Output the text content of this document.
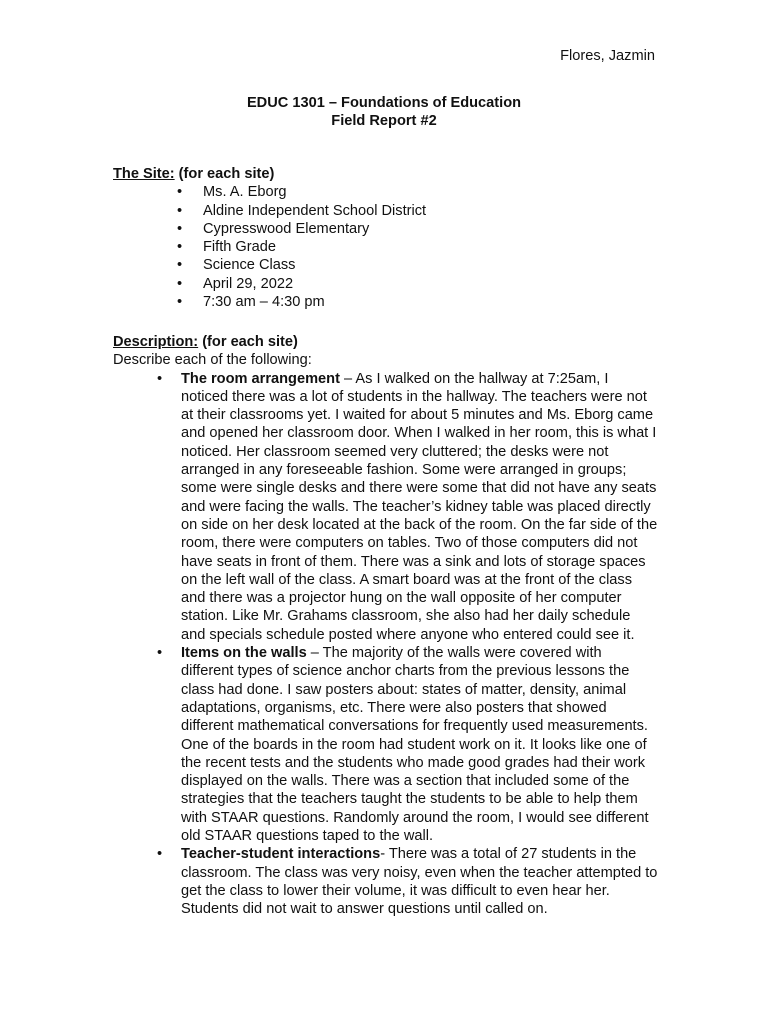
Flores, Jazmin
EDUC 1301 – Foundations of Education
Field Report #2
The Site: (for each site)
• Ms. A. Eborg
• Aldine Independent School District
• Cypresswood Elementary
• Fifth Grade
• Science Class
• April 29, 2022
• 7:30 am – 4:30 pm
Description: (for each site)
Describe each of the following:
• The room arrangement – As I walked on the hallway at 7:25am, I noticed there was a lot of students in the hallway. The teachers were not at their classrooms yet. I waited for about 5 minutes and Ms. Eborg came and opened her classroom door. When I walked in her room, this is what I noticed. Her classroom seemed very cluttered; the desks were not arranged in any foreseeable fashion. Some were arranged in groups; some were single desks and there were some that did not have any seats and were facing the walls. The teacher’s kidney table was placed directly on side on her desk located at the back of the room. On the far side of the room, there were computers on tables. Two of those computers did not have seats in front of them. There was a sink and lots of storage spaces on the left wall of the class. A smart board was at the front of the class and there was a projector hung on the wall opposite of her computer station. Like Mr. Grahams classroom, she also had her daily schedule and specials schedule posted where anyone who entered could see it.
• Items on the walls – The majority of the walls were covered with different types of science anchor charts from the previous lessons the class had done. I saw posters about: states of matter, density, animal adaptations, organisms, etc. There were also posters that showed different mathematical conversations for frequently used measurements. One of the boards in the room had student work on it. It looks like one of the recent tests and the students who made good grades had their work displayed on the walls. There was a section that included some of the strategies that the teachers taught the students to be able to help them with STAAR questions. Randomly around the room, I would see different old STAAR questions taped to the wall.
• Teacher-student interactions- There was a total of 27 students in the classroom. The class was very noisy, even when the teacher attempted to get the class to lower their volume, it was difficult to even hear her. Students did not wait to answer questions until called on.
